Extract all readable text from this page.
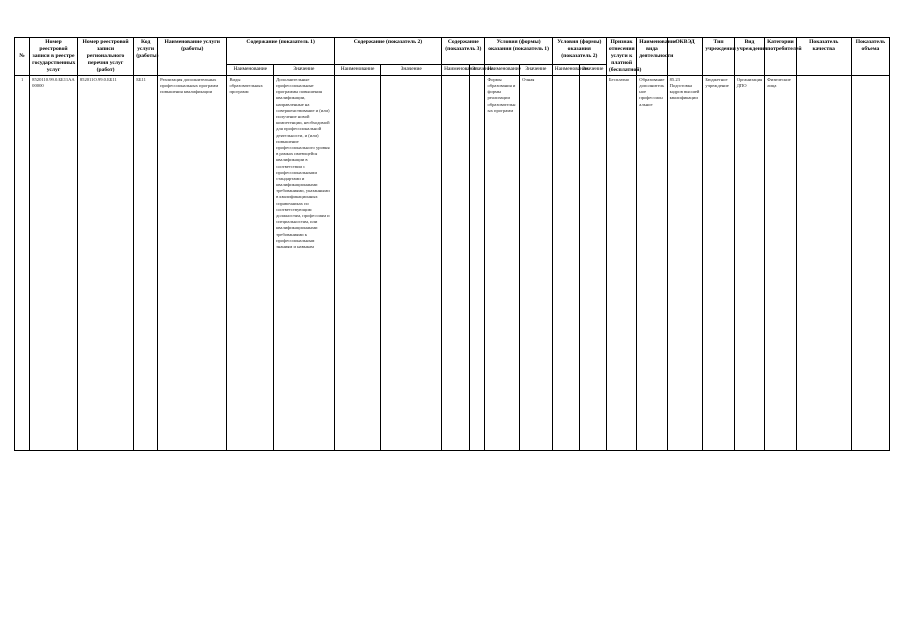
№	Номер реестровой записи в реестре государственных услуг	Номер реестровой записи регионального перечня услуг (работ)	Код услуги (работы)	Наименование услуги (работы)	Содержание (показатель 1)		Содержание (показатель 2)		Содержание (показатель 3)		Условия (формы) оказания (показатель 1)		Условия (формы) оказания (показатель 2)		Признак отнесения услуги к платной (бесплатной)	Наименование вида деятельности	ОКВЭД	Тип учреждения	Вид учреждения	Категории потребителей	Показатель качества	Показатель объема
					Наименование	Значение	Наименование	Значение	Наименование	Значение	Наименование	Значение	Наименование	Значение								
1	8520110.99.0.ББ11АА00000	852011О.99.0.ББ11	ББ11	Реализация дополнительных профессиональных программ повышения квалификации	Виды образовательных программ	Дополнительные профессиональные программы повышения квалификации, направленные на совершенствование и (или) получение новой компетенции, необходимой для профессиональной деятельности, и (или) повышение профессионального уровня в рамках имеющейся квалификации в соответствии с профессиональными стандартами и квалификационными требованиями, указанными в квалификационных справочниках по соответствующим должностям, профессиям и специальностям, или квалификационными требованиями к профессиональным знаниям и навыкам					Формы образования и формы реализации образовательных программ	Очная			Бесплатно	Образование дополнительное профессиональное	85.23 Подготовка кадров высшей квалификации	Бюджетное учреждение	Организация ДПО	Физические лица		
